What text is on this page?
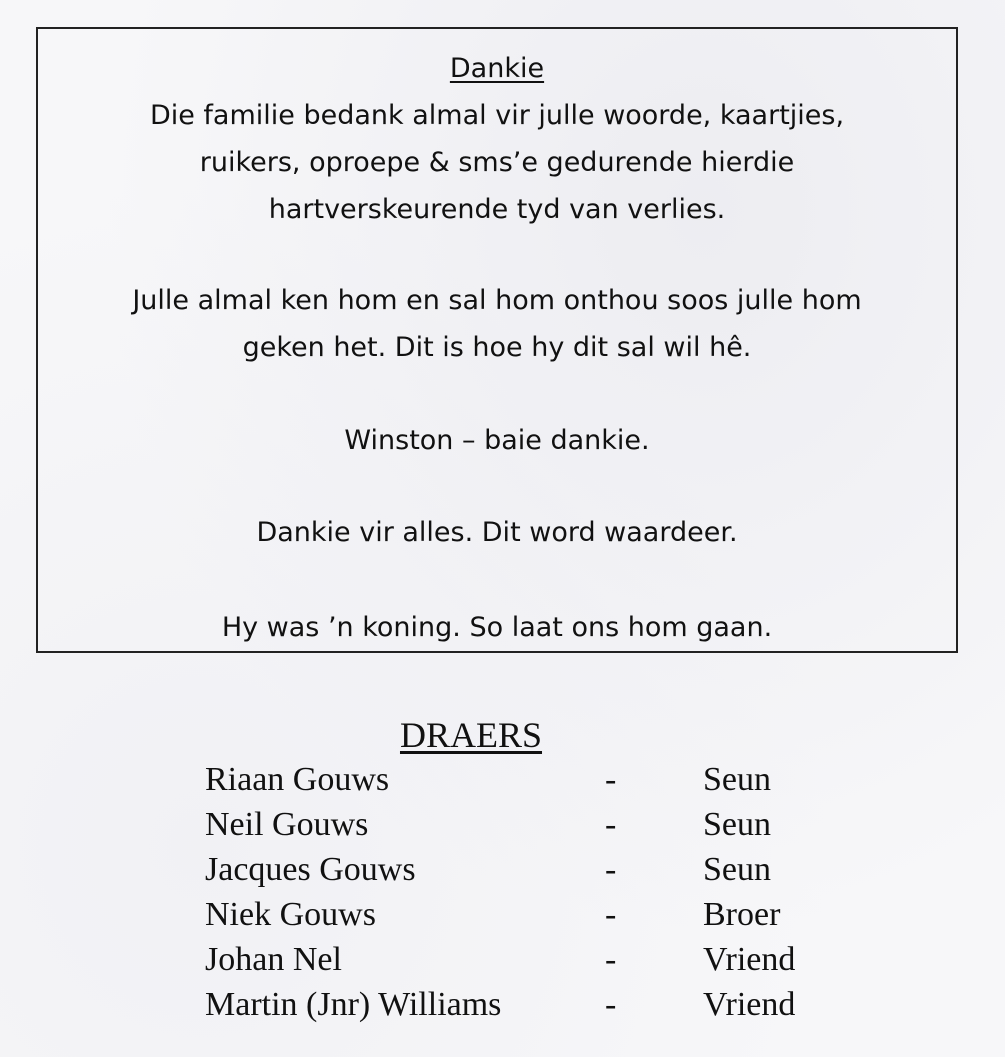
Dankie

Die familie bedank almal vir julle woorde, kaartjies,
ruikers, oproepe & sms’e gedurende hierdie
hartverskeurende tyd van verlies.

Julle almal ken hom en sal hom onthou soos julle hom
geken het. Dit is hoe hy dit sal wil hê.

Winston – baie dankie.

Dankie vir alles. Dit word waardeer.

Hy was ’n koning. So laat ons hom gaan.

DRAERS
Riaan Gouws	-	Seun
Neil Gouws	-	Seun
Jacques Gouws	-	Seun
Niek Gouws	-	Broer
Johan Nel	-	Vriend
Martin (Jnr) Williams	-	Vriend
